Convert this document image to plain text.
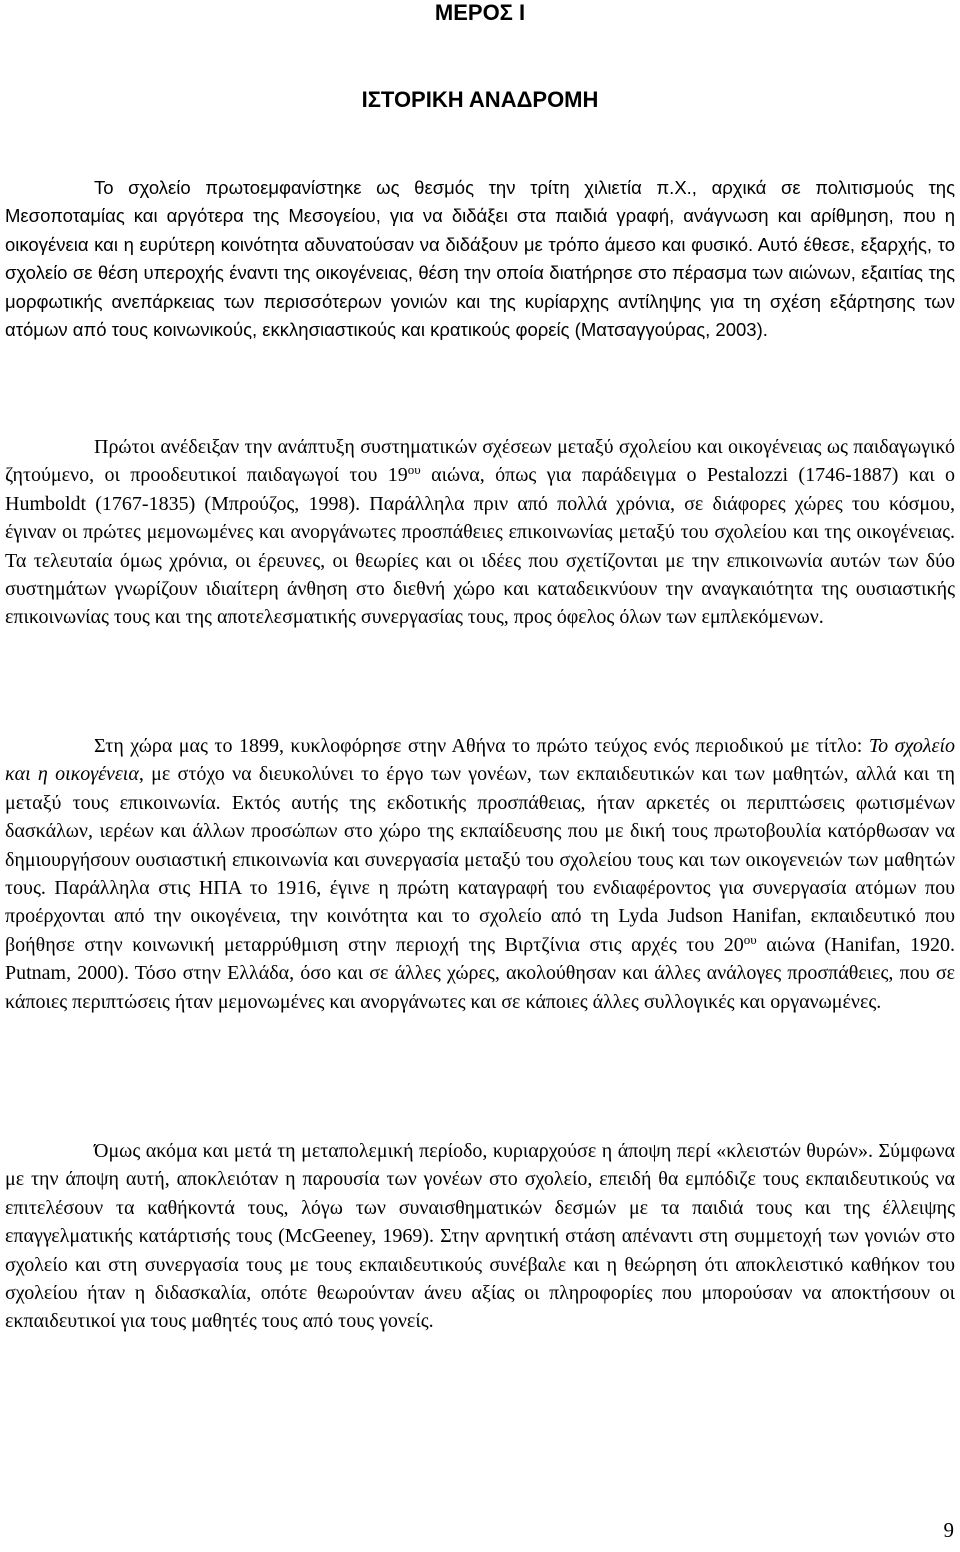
ΜΕΡΟΣ Ι
ΙΣΤΟΡΙΚΗ ΑΝΑΔΡΟΜΗ

Το σχολείο πρωτοεμφανίστηκε ως θεσμός την τρίτη χιλιετία π.Χ., αρχικά σε πολιτισμούς της Μεσοποταμίας και αργότερα της Μεσογείου, για να διδάξει στα παιδιά γραφή, ανάγνωση και αρίθμηση, που η οικογένεια και η ευρύτερη κοινότητα αδυνατούσαν να διδάξουν με τρόπο άμεσο και φυσικό. Αυτό έθεσε, εξαρχής, το σχολείο σε θέση υπεροχής έναντι της οικογένειας, θέση την οποία διατήρησε στο πέρασμα των αιώνων, εξαιτίας της μορφωτικής ανεπάρκειας των περισσότερων γονιών και της κυρίαρχης αντίληψης για τη σχέση εξάρτησης των ατόμων από τους κοινωνικούς, εκκλησιαστικούς και κρατικούς φορείς (Ματσαγγούρας, 2003).

Πρώτοι ανέδειξαν την ανάπτυξη συστηματικών σχέσεων μεταξύ σχολείου και οικογένειας ως παιδαγωγικό ζητούμενο, οι προοδευτικοί παιδαγωγοί του $19^{o\upsilon}$ αιώνα, όπως για παράδειγμα ο Pestalozzi (1746-1887) και ο Humboldt (1767-1835) (Μπρούζος, 1998). Παράλληλα πριν από πολλά χρόνια, σε διάφορες χώρες του κόσμου, έγιναν οι πρώτες μεμονωμένες και ανοργάνωτες προσπάθειες επικοινωνίας μεταξύ του σχολείου και της οικογένειας. Τα τελευταία όμως χρόνια, οι έρευνες, οι θεωρίες και οι ιδέες που σχετίζονται με την επικοινωνία αυτών των δύο συστημάτων γνωρίζουν ιδιαίτερη άνθηση στο διεθνή χώρο και καταδεικνύουν την αναγκαιότητα της ουσιαστικής επικοινωνίας τους και της αποτελεσματικής συνεργασίας τους, προς όφελος όλων των εμπλεκόμενων.

Στη χώρα μας το 1899, κυκλοφόρησε στην Αθήνα το πρώτο τεύχος ενός περιοδικού με τίτλο: Το σχολείο και η οικογένεια, με στόχο να διευκολύνει το έργο των γονέων, των εκπαιδευτικών και των μαθητών, αλλά και τη μεταξύ τους επικοινωνία. Εκτός αυτής της εκδοτικής προσπάθειας, ήταν αρκετές οι περιπτώσεις φωτισμένων δασκάλων, ιερέων και άλλων προσώπων στο χώρο της εκπαίδευσης που με δική τους πρωτοβουλία κατόρθωσαν να δημιουργήσουν ουσιαστική επικοινωνία και συνεργασία μεταξύ του σχολείου τους και των οικογενειών των μαθητών τους. Παράλληλα στις ΗΠΑ το 1916, έγινε η πρώτη καταγραφή του ενδιαφέροντος για συνεργασία ατόμων που προέρχονται από την οικογένεια, την κοινότητα και το σχολείο από τη Lyda Judson Hanifan, εκπαιδευτικό που βοήθησε στην κοινωνική μεταρρύθμιση στην περιοχή της Βιρτζίνια στις αρχές του $20^{o\upsilon}$ αιώνα (Hanifan, 1920. Putnam, 2000). Τόσο στην Ελλάδα, όσο και σε άλλες χώρες, ακολούθησαν και άλλες ανάλογες προσπάθειες, που σε κάποιες περιπτώσεις ήταν μεμονωμένες και ανοργάνωτες και σε κάποιες άλλες συλλογικές και οργανωμένες.

Όμως ακόμα και μετά τη μεταπολεμική περίοδο, κυριαρχούσε η άποψη περί «κλειστών θυρών». Σύμφωνα με την άποψη αυτή, αποκλειόταν η παρουσία των γονέων στο σχολείο, επειδή θα εμπόδιζε τους εκπαιδευτικούς να επιτελέσουν τα καθήκοντά τους, λόγω των συναισθηματικών δεσμών με τα παιδιά τους και της έλλειψης επαγγελματικής κατάρτισής τους (McGeeney, 1969). Στην αρνητική στάση απέναντι στη συμμετοχή των γονιών στο σχολείο και στη συνεργασία τους με τους εκπαιδευτικούς συνέβαλε και η θεώρηση ότι αποκλειστικό καθήκον του σχολείου ήταν η διδασκαλία, οπότε θεωρούνταν άνευ αξίας οι πληροφορίες που μπορούσαν να αποκτήσουν οι εκπαιδευτικοί για τους μαθητές τους από τους γονείς.

9
